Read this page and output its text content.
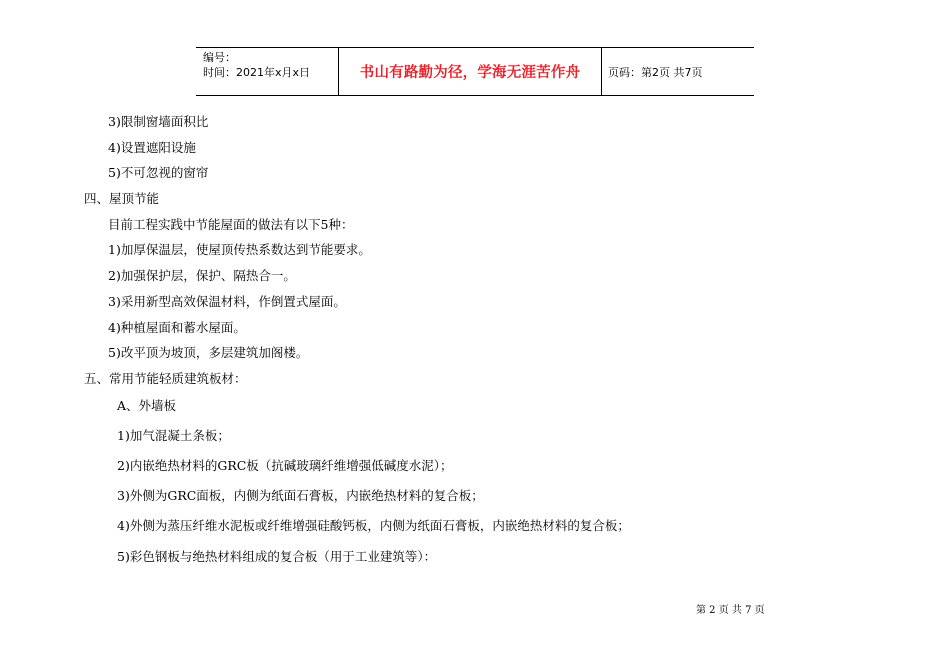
编号：
时间：2021年x月x日	书山有路勤为径，学海无涯苦作舟	页码：第2页 共7页
3)限制窗墙面积比
4)设置遮阳设施
5)不可忽视的窗帘
四、屋顶节能
目前工程实践中节能屋面的做法有以下5种：
1)加厚保温层，使屋顶传热系数达到节能要求。
2)加强保护层，保护、隔热合一。
3)采用新型高效保温材料，作倒置式屋面。
4)种植屋面和蓄水屋面。
5)改平顶为坡顶，多层建筑加阁楼。
五、常用节能轻质建筑板材：
A、外墙板
1)加气混凝土条板；
2)内嵌绝热材料的GRC板（抗碱玻璃纤维增强低碱度水泥）；
3)外侧为GRC面板，内侧为纸面石膏板，内嵌绝热材料的复合板；
4)外侧为蒸压纤维水泥板或纤维增强硅酸钙板，内侧为纸面石膏板，内嵌绝热材料的复合板；
5)彩色钢板与绝热材料组成的复合板（用于工业建筑等）：
第 2 页 共 7 页
